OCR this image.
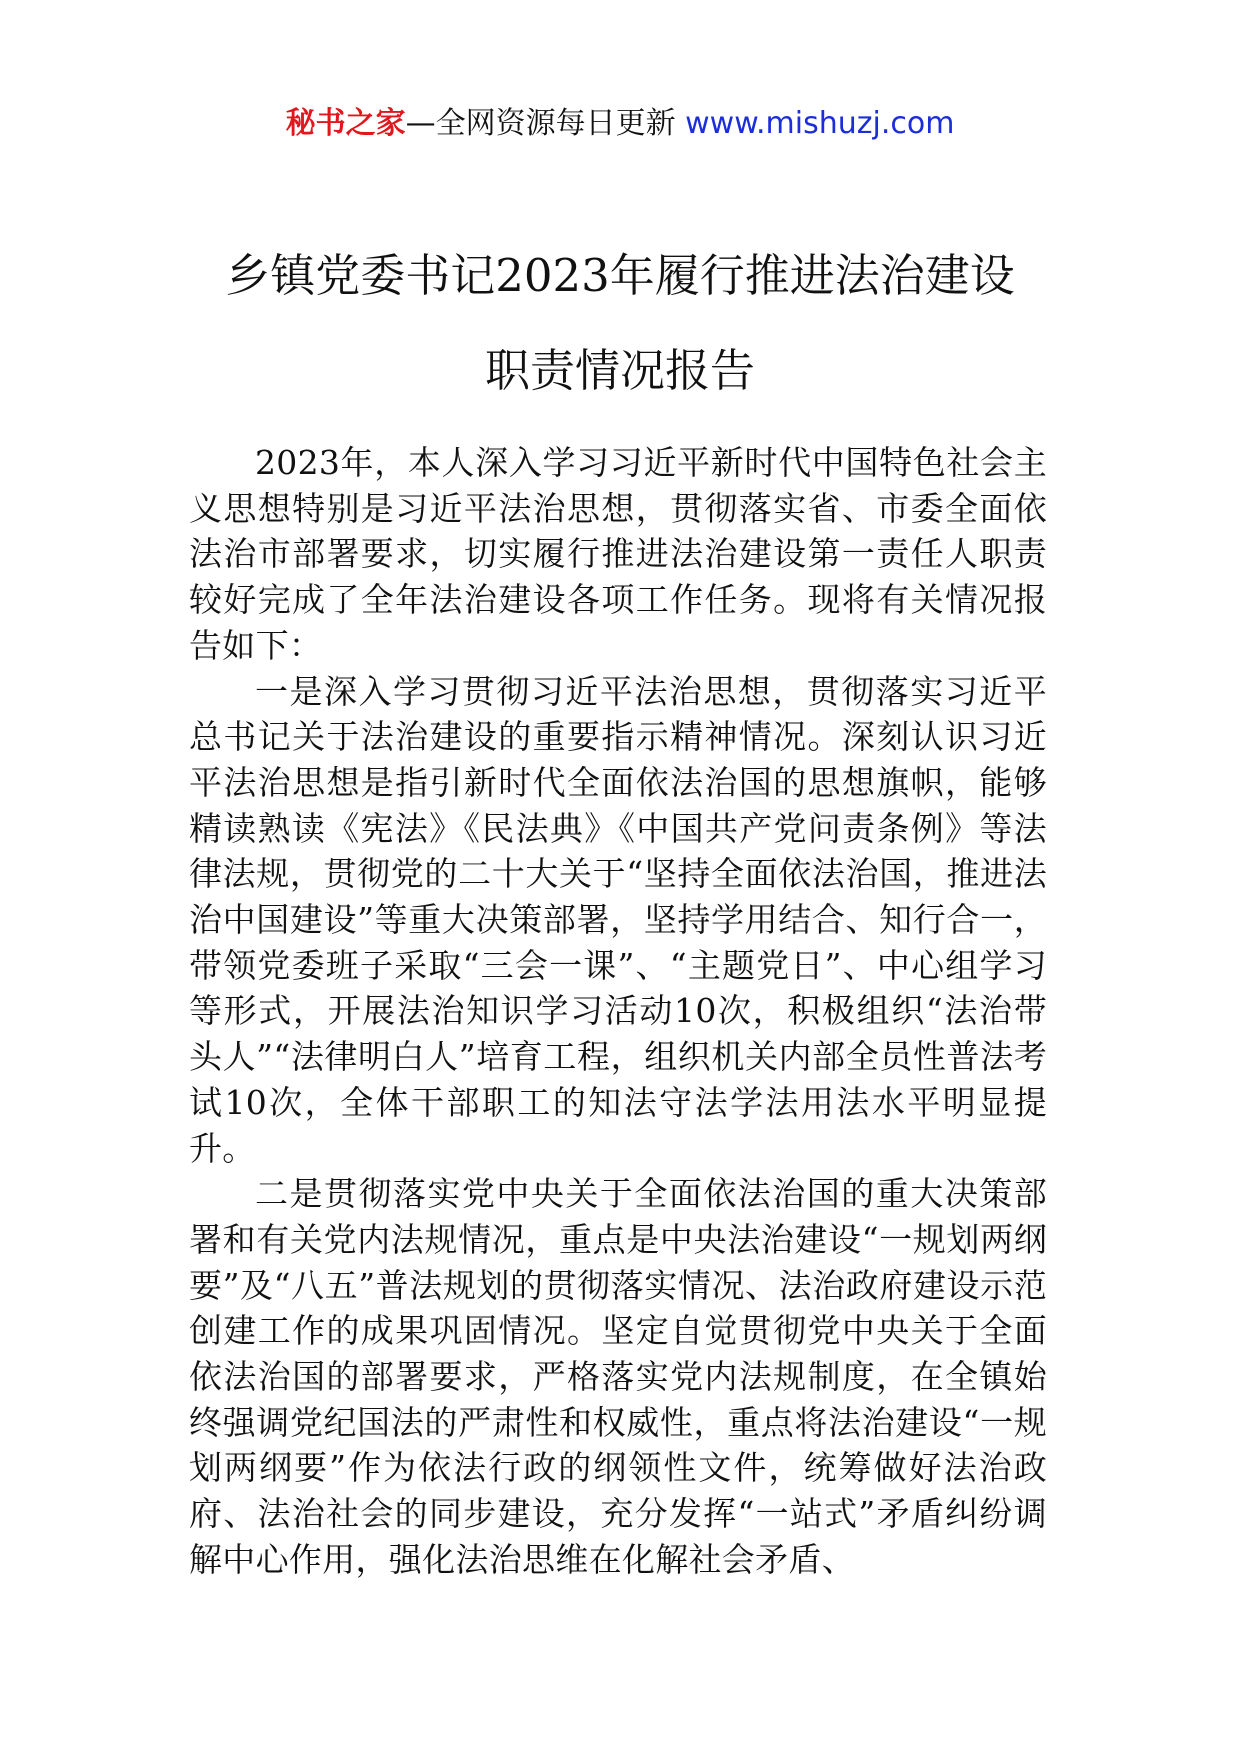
秘书之家—全网资源每日更新 www.mishuzj.com
乡镇党委书记2023年履行推进法治建设
职责情况报告

2023年，本人深入学习习近平新时代中国特色社会主义思想特别是习近平法治思想，贯彻落实省、市委全面依法治市部署要求，切实履行推进法治建设第一责任人职责较好完成了全年法治建设各项工作任务。现将有关情况报告如下：

一是深入学习贯彻习近平法治思想，贯彻落实习近平总书记关于法治建设的重要指示精神情况。深刻认识习近平法治思想是指引新时代全面依法治国的思想旗帜，能够精读熟读《宪法》《民法典》《中国共产党问责条例》等法律法规，贯彻党的二十大关于“坚持全面依法治国，推进法治中国建设”等重大决策部署，坚持学用结合、知行合一，带领党委班子采取“三会一课”、“主题党日”、中心组学习等形式，开展法治知识学习活动10次，积极组织“法治带头人”“法律明白人”培育工程，组织机关内部全员性普法考试10次，全体干部职工的知法守法学法用法水平明显提升。

二是贯彻落实党中央关于全面依法治国的重大决策部署和有关党内法规情况，重点是中央法治建设“一规划两纲要”及“八五”普法规划的贯彻落实情况、法治政府建设示范创建工作的成果巩固情况。坚定自觉贯彻党中央关于全面依法治国的部署要求，严格落实党内法规制度，在全镇始终强调党纪国法的严肃性和权威性，重点将法治建设“一规划两纲要”作为依法行政的纲领性文件，统筹做好法治政府、法治社会的同步建设，充分发挥“一站式”矛盾纠纷调解中心作用，强化法治思维在化解社会矛盾、
